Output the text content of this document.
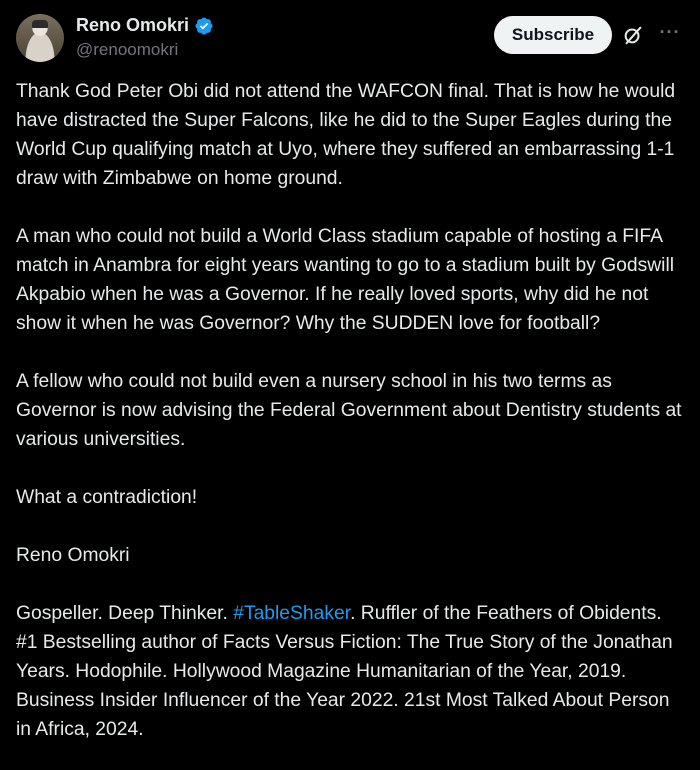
Reno Omokri
@renoomokri
Subscribe	···
Thank God Peter Obi did not attend the WAFCON final. That is how he would have distracted the Super Falcons, like he did to the Super Eagles during the World Cup qualifying match at Uyo, where they suffered an embarrassing 1-1 draw with Zimbabwe on home ground.

A man who could not build a World Class stadium capable of hosting a FIFA match in Anambra for eight years wanting to go to a stadium built by Godswill Akpabio when he was a Governor. If he really loved sports, why did he not show it when he was Governor? Why the SUDDEN love for football?

A fellow who could not build even a nursery school in his two terms as Governor is now advising the Federal Government about Dentistry students at various universities.

What a contradiction!

Reno Omokri

Gospeller. Deep Thinker. #TableShaker. Ruffler of the Feathers of Obidents. #1 Bestselling author of Facts Versus Fiction: The True Story of the Jonathan Years. Hodophile. Hollywood Magazine Humanitarian of the Year, 2019. Business Insider Influencer of the Year 2022. 21st Most Talked About Person in Africa, 2024.
